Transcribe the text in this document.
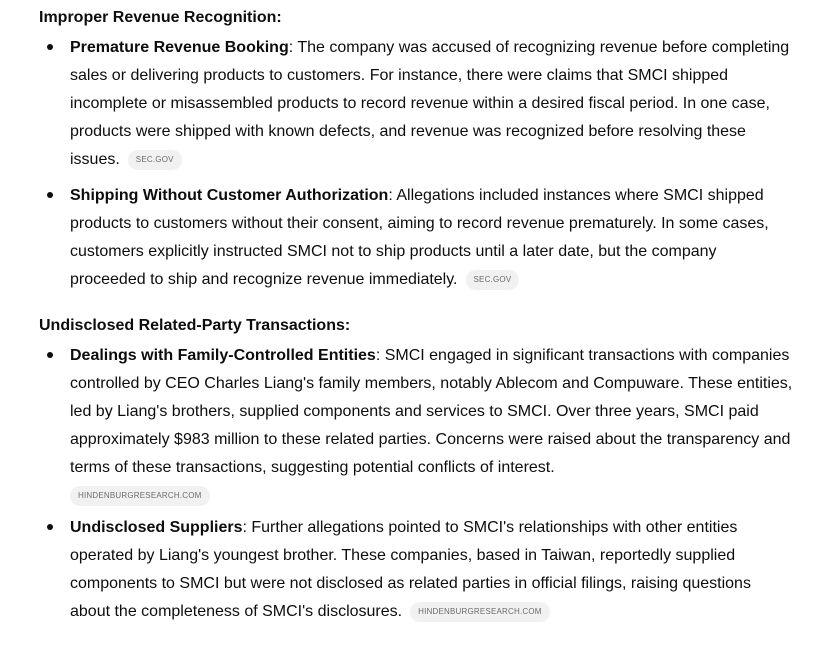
Improper Revenue Recognition:
Premature Revenue Booking: The company was accused of recognizing revenue before completing sales or delivering products to customers. For instance, there were claims that SMCI shipped incomplete or misassembled products to record revenue within a desired fiscal period. In one case, products were shipped with known defects, and revenue was recognized before resolving these issues. SEC.GOV
Shipping Without Customer Authorization: Allegations included instances where SMCI shipped products to customers without their consent, aiming to record revenue prematurely. In some cases, customers explicitly instructed SMCI not to ship products until a later date, but the company proceeded to ship and recognize revenue immediately. SEC.GOV
Undisclosed Related-Party Transactions:
Dealings with Family-Controlled Entities: SMCI engaged in significant transactions with companies controlled by CEO Charles Liang's family members, notably Ablecom and Compuware. These entities, led by Liang's brothers, supplied components and services to SMCI. Over three years, SMCI paid approximately $983 million to these related parties. Concerns were raised about the transparency and terms of these transactions, suggesting potential conflicts of interest.
HINDENBURGRESEARCH.COM
Undisclosed Suppliers: Further allegations pointed to SMCI's relationships with other entities operated by Liang's youngest brother. These companies, based in Taiwan, reportedly supplied components to SMCI but were not disclosed as related parties in official filings, raising questions about the completeness of SMCI's disclosures. HINDENBURGRESEARCH.COM
